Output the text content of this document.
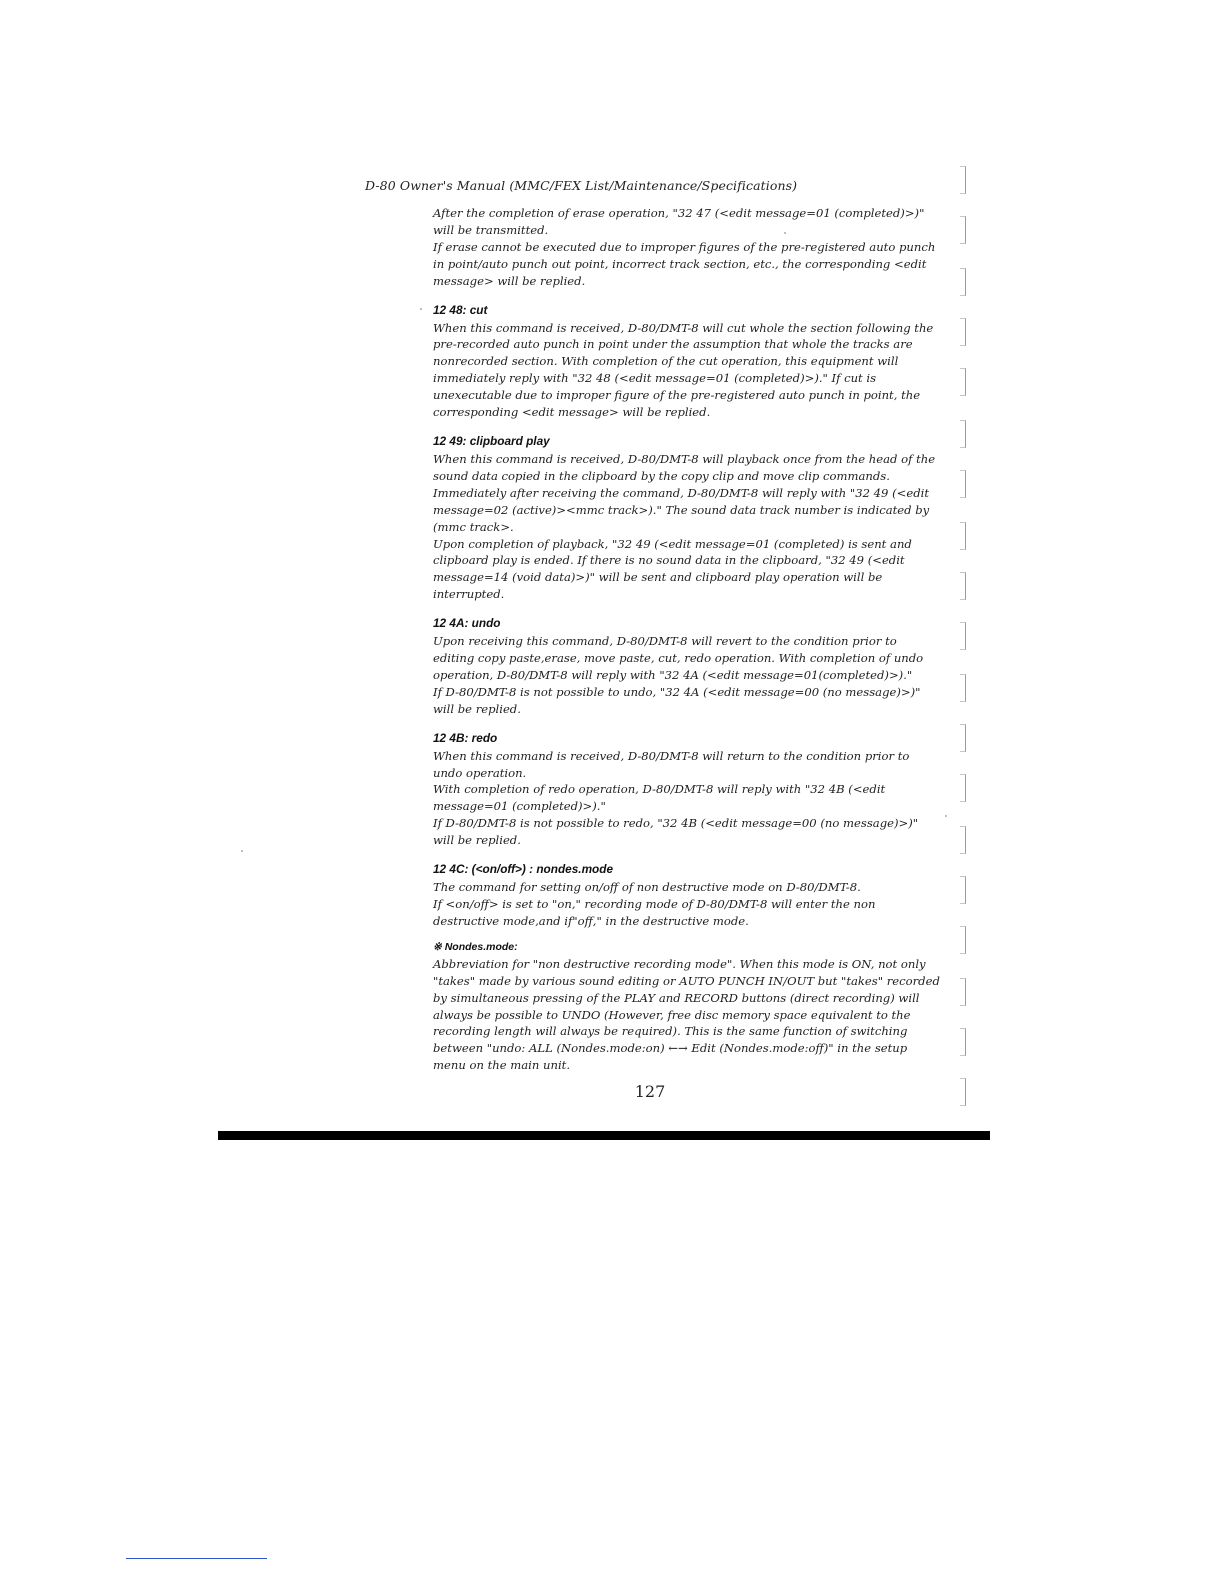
D-80 Owner's Manual (MMC/FEX List/Maintenance/Specifications)

After the completion of erase operation, "32 47 (<edit message=01 (completed)>)" will be transmitted.

If erase cannot be executed due to improper figures of the pre-registered auto punch in point/auto punch out point, incorrect track section, etc., the corresponding <edit message> will be replied.

12 48: cut

When this command is received, D-80/DMT-8 will cut whole the section following the pre-recorded auto punch in point under the assumption that whole the tracks are nonrecorded section. With completion of the cut operation, this equipment will immediately reply with "32 48 (<edit message=01 (completed)>)." If cut is unexecutable due to improper figure of the pre-registered auto punch in point, the corresponding <edit message> will be replied.

12 49: clipboard play

When this command is received, D-80/DMT-8 will playback once from the head of the sound data copied in the clipboard by the copy clip and move clip commands. Immediately after receiving the command, D-80/DMT-8 will reply with "32 49 (<edit message=02 (active)><mmc track>)." The sound data track number is indicated by (mmc track>.

Upon completion of playback, "32 49 (<edit message=01 (completed) is sent and clipboard play is ended. If there is no sound data in the clipboard, "32 49 (<edit message=14 (void data)>)" will be sent and clipboard play operation will be interrupted.

12 4A: undo

Upon receiving this command, D-80/DMT-8 will revert to the condition prior to editing copy paste,erase, move paste, cut, redo operation. With completion of undo operation, D-80/DMT-8 will reply with "32 4A (<edit message=01(completed)>)."

If D-80/DMT-8 is not possible to undo, "32 4A (<edit message=00 (no message)>)" will be replied.

12 4B: redo

When this command is received, D-80/DMT-8 will return to the condition prior to undo operation.

With completion of redo operation, D-80/DMT-8 will reply with "32 4B (<edit message=01 (completed)>)."

If D-80/DMT-8 is not possible to redo, "32 4B (<edit message=00 (no message)>)" will be replied.

12 4C: (<on/off>) : nondes.mode

The command for setting on/off of non destructive mode on D-80/DMT-8.

If <on/off> is set to "on," recording mode of D-80/DMT-8 will enter the non destructive mode,and if"off," in the destructive mode.

※ Nondes.mode:

Abbreviation for "non destructive recording mode". When this mode is ON, not only "takes" made by various sound editing or AUTO PUNCH IN/OUT but "takes" recorded by simultaneous pressing of the PLAY and RECORD buttons (direct recording) will always be possible to UNDO (However, free disc memory space equivalent to the recording length will always be required). This is the same function of switching between "undo: ALL (Nondes.mode:on) ←→ Edit (Nondes.mode:off)" in the setup menu on the main unit.

127
